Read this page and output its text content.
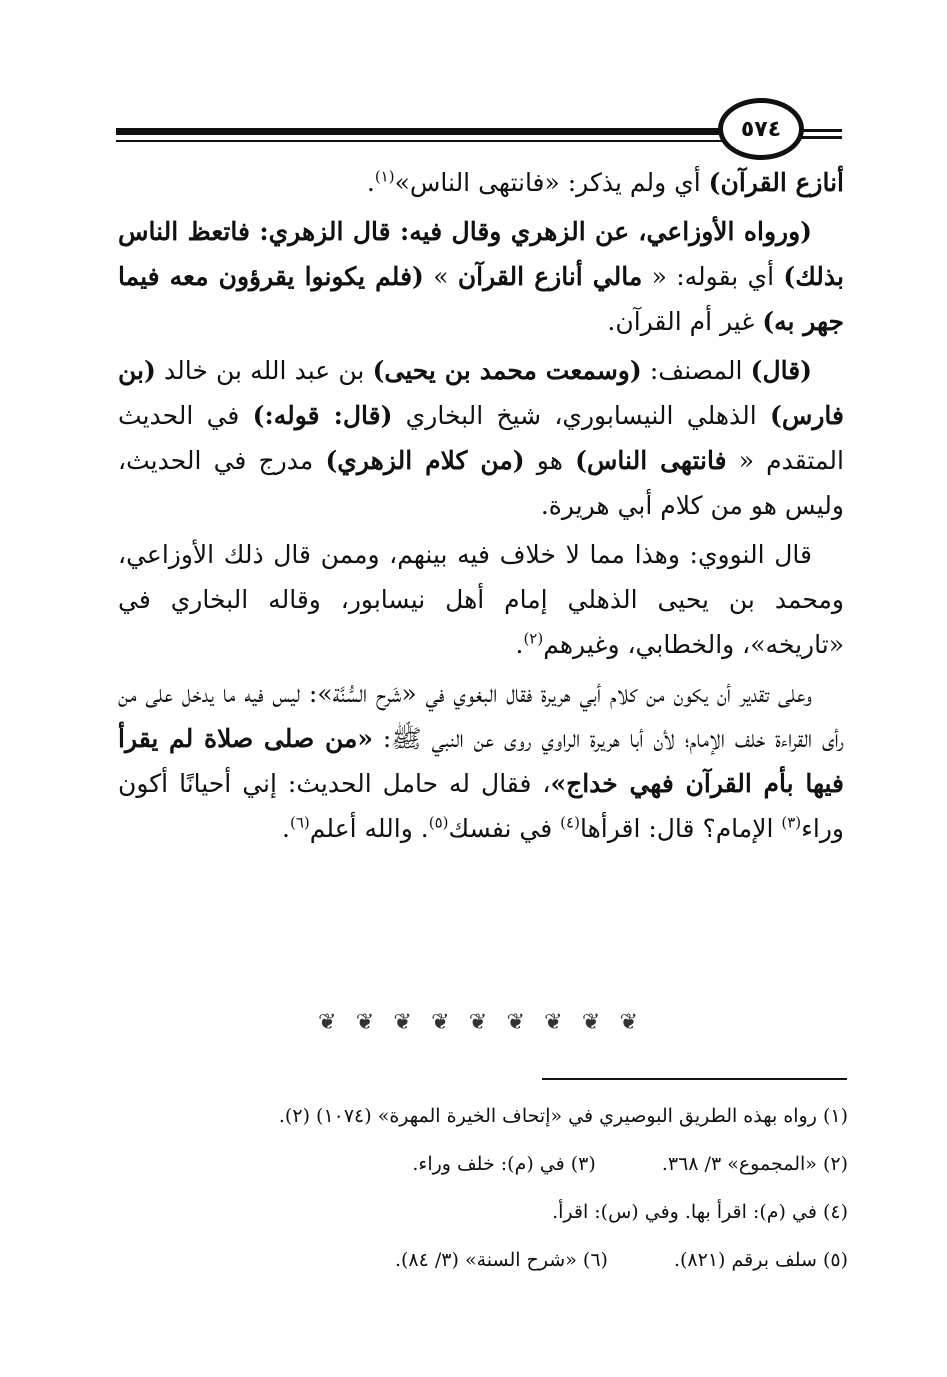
٥٧٤

أنازع القرآن) أي ولم يذكر: «فانتهى الناس»$^{(١)}$.

(ورواه الأوزاعي، عن الزهري وقال فيه: قال الزهري: فاتعظ الناس بذلك) أي بقوله: « مالي أنازع القرآن » (فلم يكونوا يقرؤون معه فيما جهر به) غير أم القرآن.

(قال) المصنف: (وسمعت محمد بن يحيى) بن عبد الله بن خالد (بن فارس) الذهلي النيسابوري، شيخ البخاري (قال: قوله:) في الحديث المتقدم « فانتهى الناس) هو (من كلام الزهري) مدرج في الحديث، وليس هو من كلام أبي هريرة.

قال النووي: وهذا مما لا خلاف فيه بينهم، وممن قال ذلك الأوزاعي، ومحمد بن يحيى الذهلي إمام أهل نيسابور، وقاله البخاري في «تاريخه»، والخطابي، وغيرهم$^{(٢)}$.

وعلى تقدير أن يكون من كلام أبي هريرة فقال البغوي في «شَرح السُّنَّة»: ليس فيه ما يدخل على من رأى القراءة خلف الإمام؛ لأن أبا هريرة الراوي روى عن النبي ﷺ: «من صلى صلاة لم يقرأ فيها بأم القرآن فهي خداج»، فقال له حامل الحديث: إني أحيانًا أكون وراء$^{(٣)}$ الإمام؟ قال: اقرأها$^{(٤)}$ في نفسك$^{(٥)}$. والله أعلم$^{(٦)}$.

❦ ❦ ❦ ❦ ❦ ❦ ❦ ❦ ❦
(١) رواه بهذه الطريق البوصيري في «إتحاف الخيرة المهرة» (١٠٧٤) (٢).
(٢) «المجموع» ٣/ ٣٦٨.
(٣) في (م): خلف وراء.
(٤) في (م): اقرأ بها. وفي (س): اقرأ.
(٥) سلف برقم (٨٢١).
(٦) «شرح السنة» (٣/ ٨٤).
